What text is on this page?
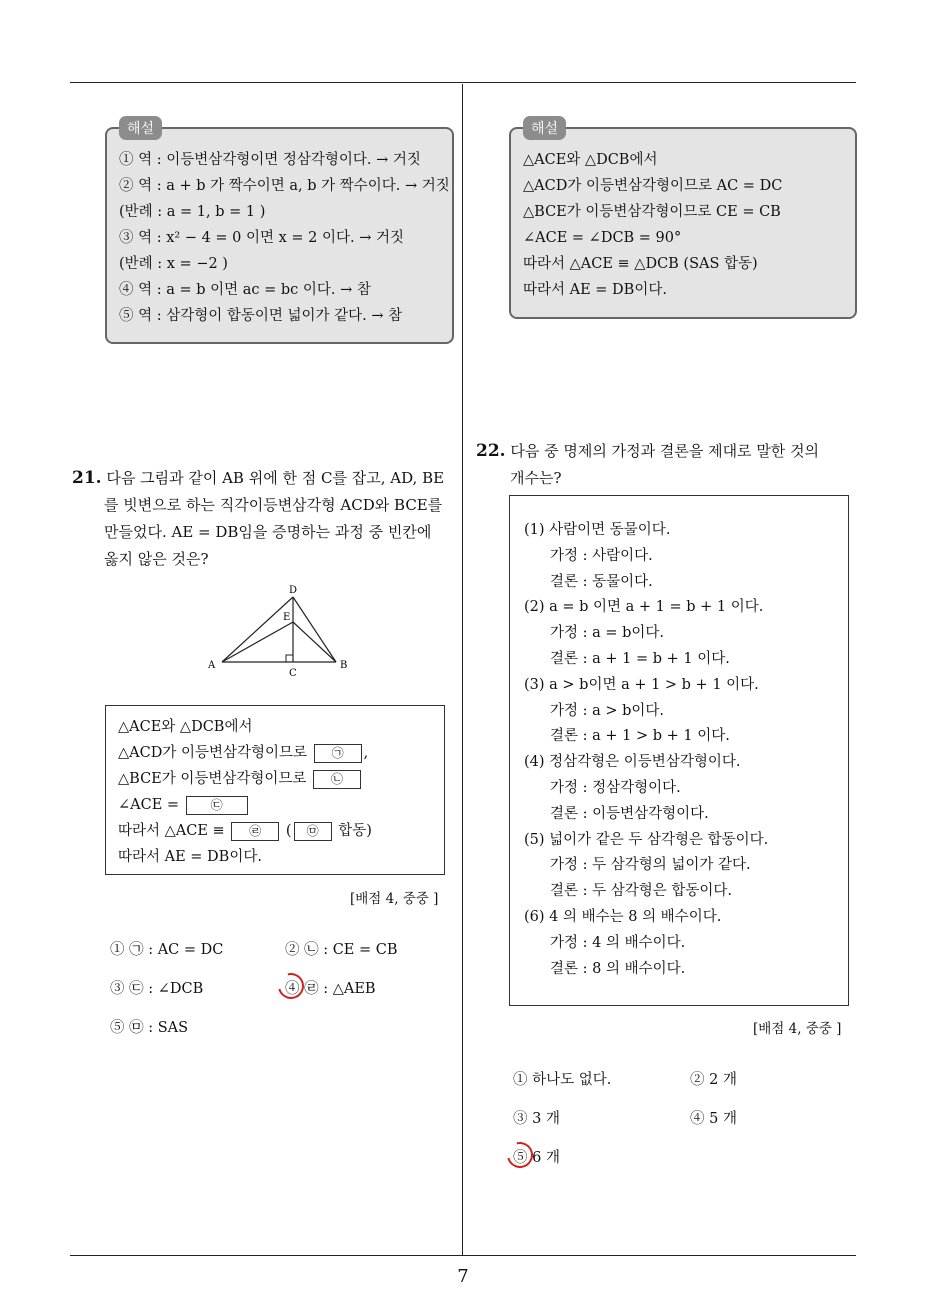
해설
① 역 : 이등변삼각형이면 정삼각형이다. → 거짓
② 역 : a + b 가 짝수이면 a, b 가 짝수이다. → 거짓
(반례 : a = 1, b = 1 )
③ 역 : x² − 4 = 0 이면 x = 2 이다. → 거짓
(반례 : x = −2 )
④ 역 : a = b 이면 ac = bc 이다. → 참
⑤ 역 : 삼각형이 합동이면 넓이가 같다. → 참
해설
△ACE와 △DCB에서
△ACD가 이등변삼각형이므로 AC = DC
△BCE가 이등변삼각형이므로 CE = CB
∠ACE = ∠DCB = 90°
따라서 △ACE ≡ △DCB (SAS 합동)
따라서 AE = DB이다.
21. 다음 그림과 같이 AB 위에 한 점 C를 잡고, AD, BE
를 빗변으로 하는 직각이등변삼각형 ACD와 BCE를
만들었다. AE = DB임을 증명하는 과정 중 빈칸에
옳지 않은 것은?
A	B
C
D
E
△ACE와 △DCB에서
△ACD가 이등변삼각형이므로 ㉠ ,
△BCE가 이등변삼각형이므로 ㉡
∠ACE =	㉢
따라서 △ACE ≡ ㉣ ( ㉤ 합동)
따라서 AE = DB이다.
[배점 4, 중중 ]
① ㉠ : AC = DC	② ㉡ : CE = CB
③ ㉢ : ∠DCB	④ ㉣ : △AEB
⑤ ㉤ : SAS
22. 다음 중 명제의 가정과 결론을 제대로 말한 것의
개수는?
(1) 사람이면 동물이다.
가정 : 사람이다.
결론 : 동물이다.
(2) a = b 이면 a + 1 = b + 1 이다.
가정 : a = b이다.
결론 : a + 1 = b + 1 이다.
(3) a > b이면 a + 1 > b + 1 이다.
가정 : a > b이다.
결론 : a + 1 > b + 1 이다.
(4) 정삼각형은 이등변삼각형이다.
가정 : 정삼각형이다.
결론 : 이등변삼각형이다.
(5) 넓이가 같은 두 삼각형은 합동이다.
가정 : 두 삼각형의 넓이가 같다.
결론 : 두 삼각형은 합동이다.
(6) 4 의 배수는 8 의 배수이다.
가정 : 4 의 배수이다.
결론 : 8 의 배수이다.
[배점 4, 중중 ]
① 하나도 없다.	② 2 개
③ 3 개	④ 5 개
⑤ 6 개
7
